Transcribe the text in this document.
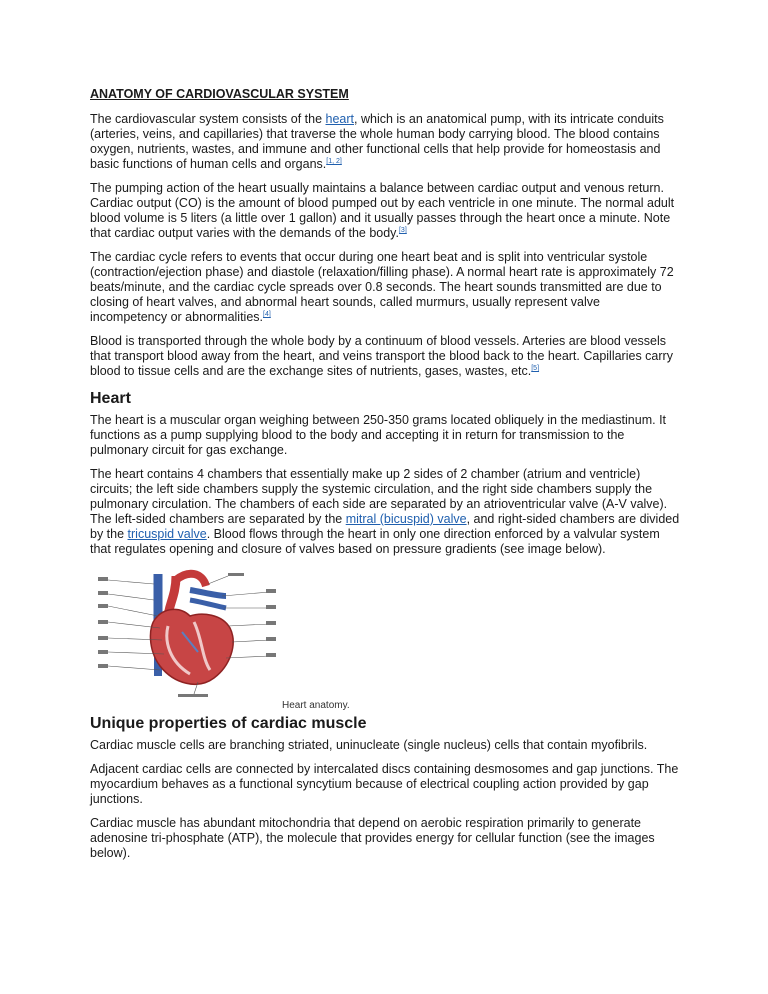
ANATOMY OF CARDIOVASCULAR SYSTEM

The cardiovascular system consists of the heart, which is an anatomical pump, with its intricate conduits (arteries, veins, and capillaries) that traverse the whole human body carrying blood. The blood contains oxygen, nutrients, wastes, and immune and other functional cells that help provide for homeostasis and basic functions of human cells and organs.[1, 2]

The pumping action of the heart usually maintains a balance between cardiac output and venous return. Cardiac output (CO) is the amount of blood pumped out by each ventricle in one minute. The normal adult blood volume is 5 liters (a little over 1 gallon) and it usually passes through the heart once a minute. Note that cardiac output varies with the demands of the body.[3]

The cardiac cycle refers to events that occur during one heart beat and is split into ventricular systole (contraction/ejection phase) and diastole (relaxation/filling phase). A normal heart rate is approximately 72 beats/minute, and the cardiac cycle spreads over 0.8 seconds. The heart sounds transmitted are due to closing of heart valves, and abnormal heart sounds, called murmurs, usually represent valve incompetency or abnormalities.[4]

Blood is transported through the whole body by a continuum of blood vessels. Arteries are blood vessels that transport blood away from the heart, and veins transport the blood back to the heart. Capillaries carry blood to tissue cells and are the exchange sites of nutrients, gases, wastes, etc.[5]

Heart

The heart is a muscular organ weighing between 250-350 grams located obliquely in the mediastinum. It functions as a pump supplying blood to the body and accepting it in return for transmission to the pulmonary circuit for gas exchange.

The heart contains 4 chambers that essentially make up 2 sides of 2 chamber (atrium and ventricle) circuits; the left side chambers supply the systemic circulation, and the right side chambers supply the pulmonary circulation. The chambers of each side are separated by an atrioventricular valve (A-V valve). The left-sided chambers are separated by the mitral (bicuspid) valve, and right-sided chambers are divided by the tricuspid valve. Blood flows through the heart in only one direction enforced by a valvular system that regulates opening and closure of valves based on pressure gradients (see image below).

Heart anatomy.
Unique properties of cardiac muscle

Cardiac muscle cells are branching striated, uninucleate (single nucleus) cells that contain myofibrils.

Adjacent cardiac cells are connected by intercalated discs containing desmosomes and gap junctions. The myocardium behaves as a functional syncytium because of electrical coupling action provided by gap junctions.

Cardiac muscle has abundant mitochondria that depend on aerobic respiration primarily to generate adenosine tri-phosphate (ATP), the molecule that provides energy for cellular function (see the images below).
